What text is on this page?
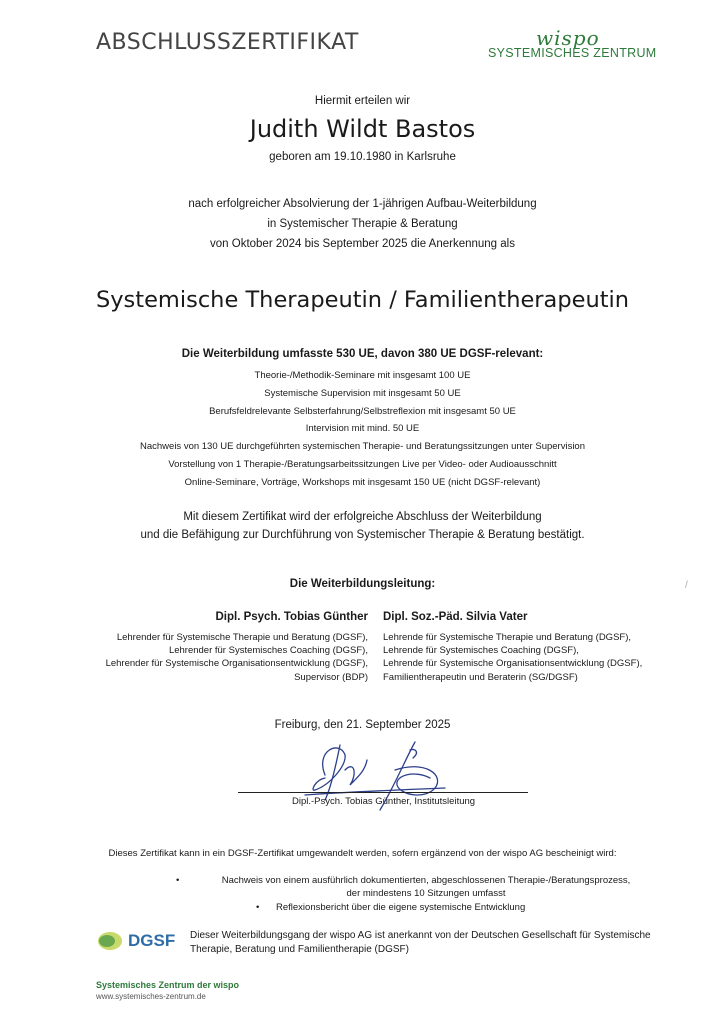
ABSCHLUSSZERTIFIKAT	wispo
SYSTEMISCHES ZENTRUM
Hiermit erteilen wir
Judith Wildt Bastos
geboren am 19.10.1980 in Karlsruhe
nach erfolgreicher Absolvierung der 1-jährigen Aufbau-Weiterbildung
in Systemischer Therapie & Beratung
von Oktober 2024 bis September 2025 die Anerkennung als
Systemische Therapeutin / Familientherapeutin
Die Weiterbildung umfasste 530 UE, davon 380 UE DGSF-relevant:
Theorie-/Methodik-Seminare mit insgesamt 100 UE
Systemische Supervision mit insgesamt 50 UE
Berufsfeldrelevante Selbsterfahrung/Selbstreflexion mit insgesamt 50 UE
Intervision mit mind. 50 UE
Nachweis von 130 UE durchgeführten systemischen Therapie- und Beratungssitzungen unter Supervision
Vorstellung von 1 Therapie-/Beratungsarbeitssitzungen Live per Video- oder Audioausschnitt
Online-Seminare, Vorträge, Workshops mit insgesamt 150 UE (nicht DGSF-relevant)
Mit diesem Zertifikat wird der erfolgreiche Abschluss der Weiterbildung
und die Befähigung zur Durchführung von Systemischer Therapie & Beratung bestätigt.
/
Die Weiterbildungsleitung:
Dipl. Psych. Tobias Günther Dipl. Soz.-Päd. Silvia Vater
Lehrender für Systemische Therapie und Beratung (DGSF),
Lehrender für Systemisches Coaching (DGSF),
Lehrender für Systemische Organisationsentwicklung (DGSF),
Supervisor (BDP)
Lehrende für Systemische Therapie und Beratung (DGSF),
Lehrende für Systemisches Coaching (DGSF),
Lehrende für Systemische Organisationsentwicklung (DGSF),
Familientherapeutin und Beraterin (SG/DGSF)
Freiburg, den 21. September 2025
Dipl.-Psych. Tobias Günther, Institutsleitung
Dieses Zertifikat kann in ein DGSF-Zertifikat umgewandelt werden, sofern ergänzend von der wispo AG bescheinigt wird:
•	Nachweis von einem ausführlich dokumentierten, abgeschlossenen Therapie-/Beratungsprozess,
der mindestens 10 Sitzungen umfasst
• Reflexionsbericht über die eigene systemische Entwicklung
DGSF Dieser Weiterbildungsgang der wispo AG ist anerkannt von der Deutschen Gesellschaft für Systemische Therapie, Beratung und Familientherapie (DGSF)
Systemisches Zentrum der wispo
www.systemisches-zentrum.de
